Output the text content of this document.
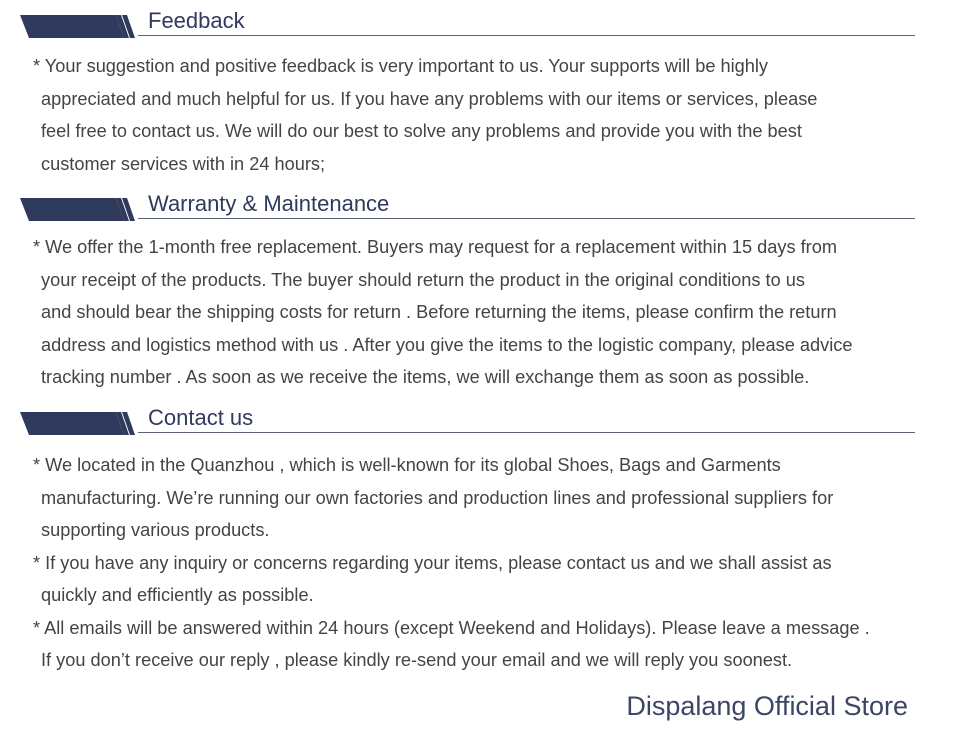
Feedback
* Your suggestion and positive feedback is very important to us. Your supports will be highly
appreciated and much helpful for us. If you have any problems with our items or services, please
feel free to contact us. We will do our best to solve any problems and provide you with the best
customer services with in 24 hours;
Warranty & Maintenance
* We offer the 1-month free replacement. Buyers may request for a replacement within 15 days from
your receipt of the products. The buyer should return the product in the original conditions to us
and should bear the shipping costs for return . Before returning the items, please confirm the return
address and logistics method with us . After you give the items to the logistic company, please advice
tracking number . As soon as we receive the items, we will exchange them as soon as possible.
Contact us
* We located in the Quanzhou , which is well-known for its global Shoes, Bags and Garments
manufacturing. We’re running our own factories and production lines and professional suppliers for
supporting various products.
* If you have any inquiry or concerns regarding your items, please contact us and we shall assist as
quickly and efficiently as possible.
* All emails will be answered within 24 hours (except Weekend and Holidays). Please leave a message .
If you don’t receive our reply , please kindly re-send your email and we will reply you soonest.
Dispalang Official Store
